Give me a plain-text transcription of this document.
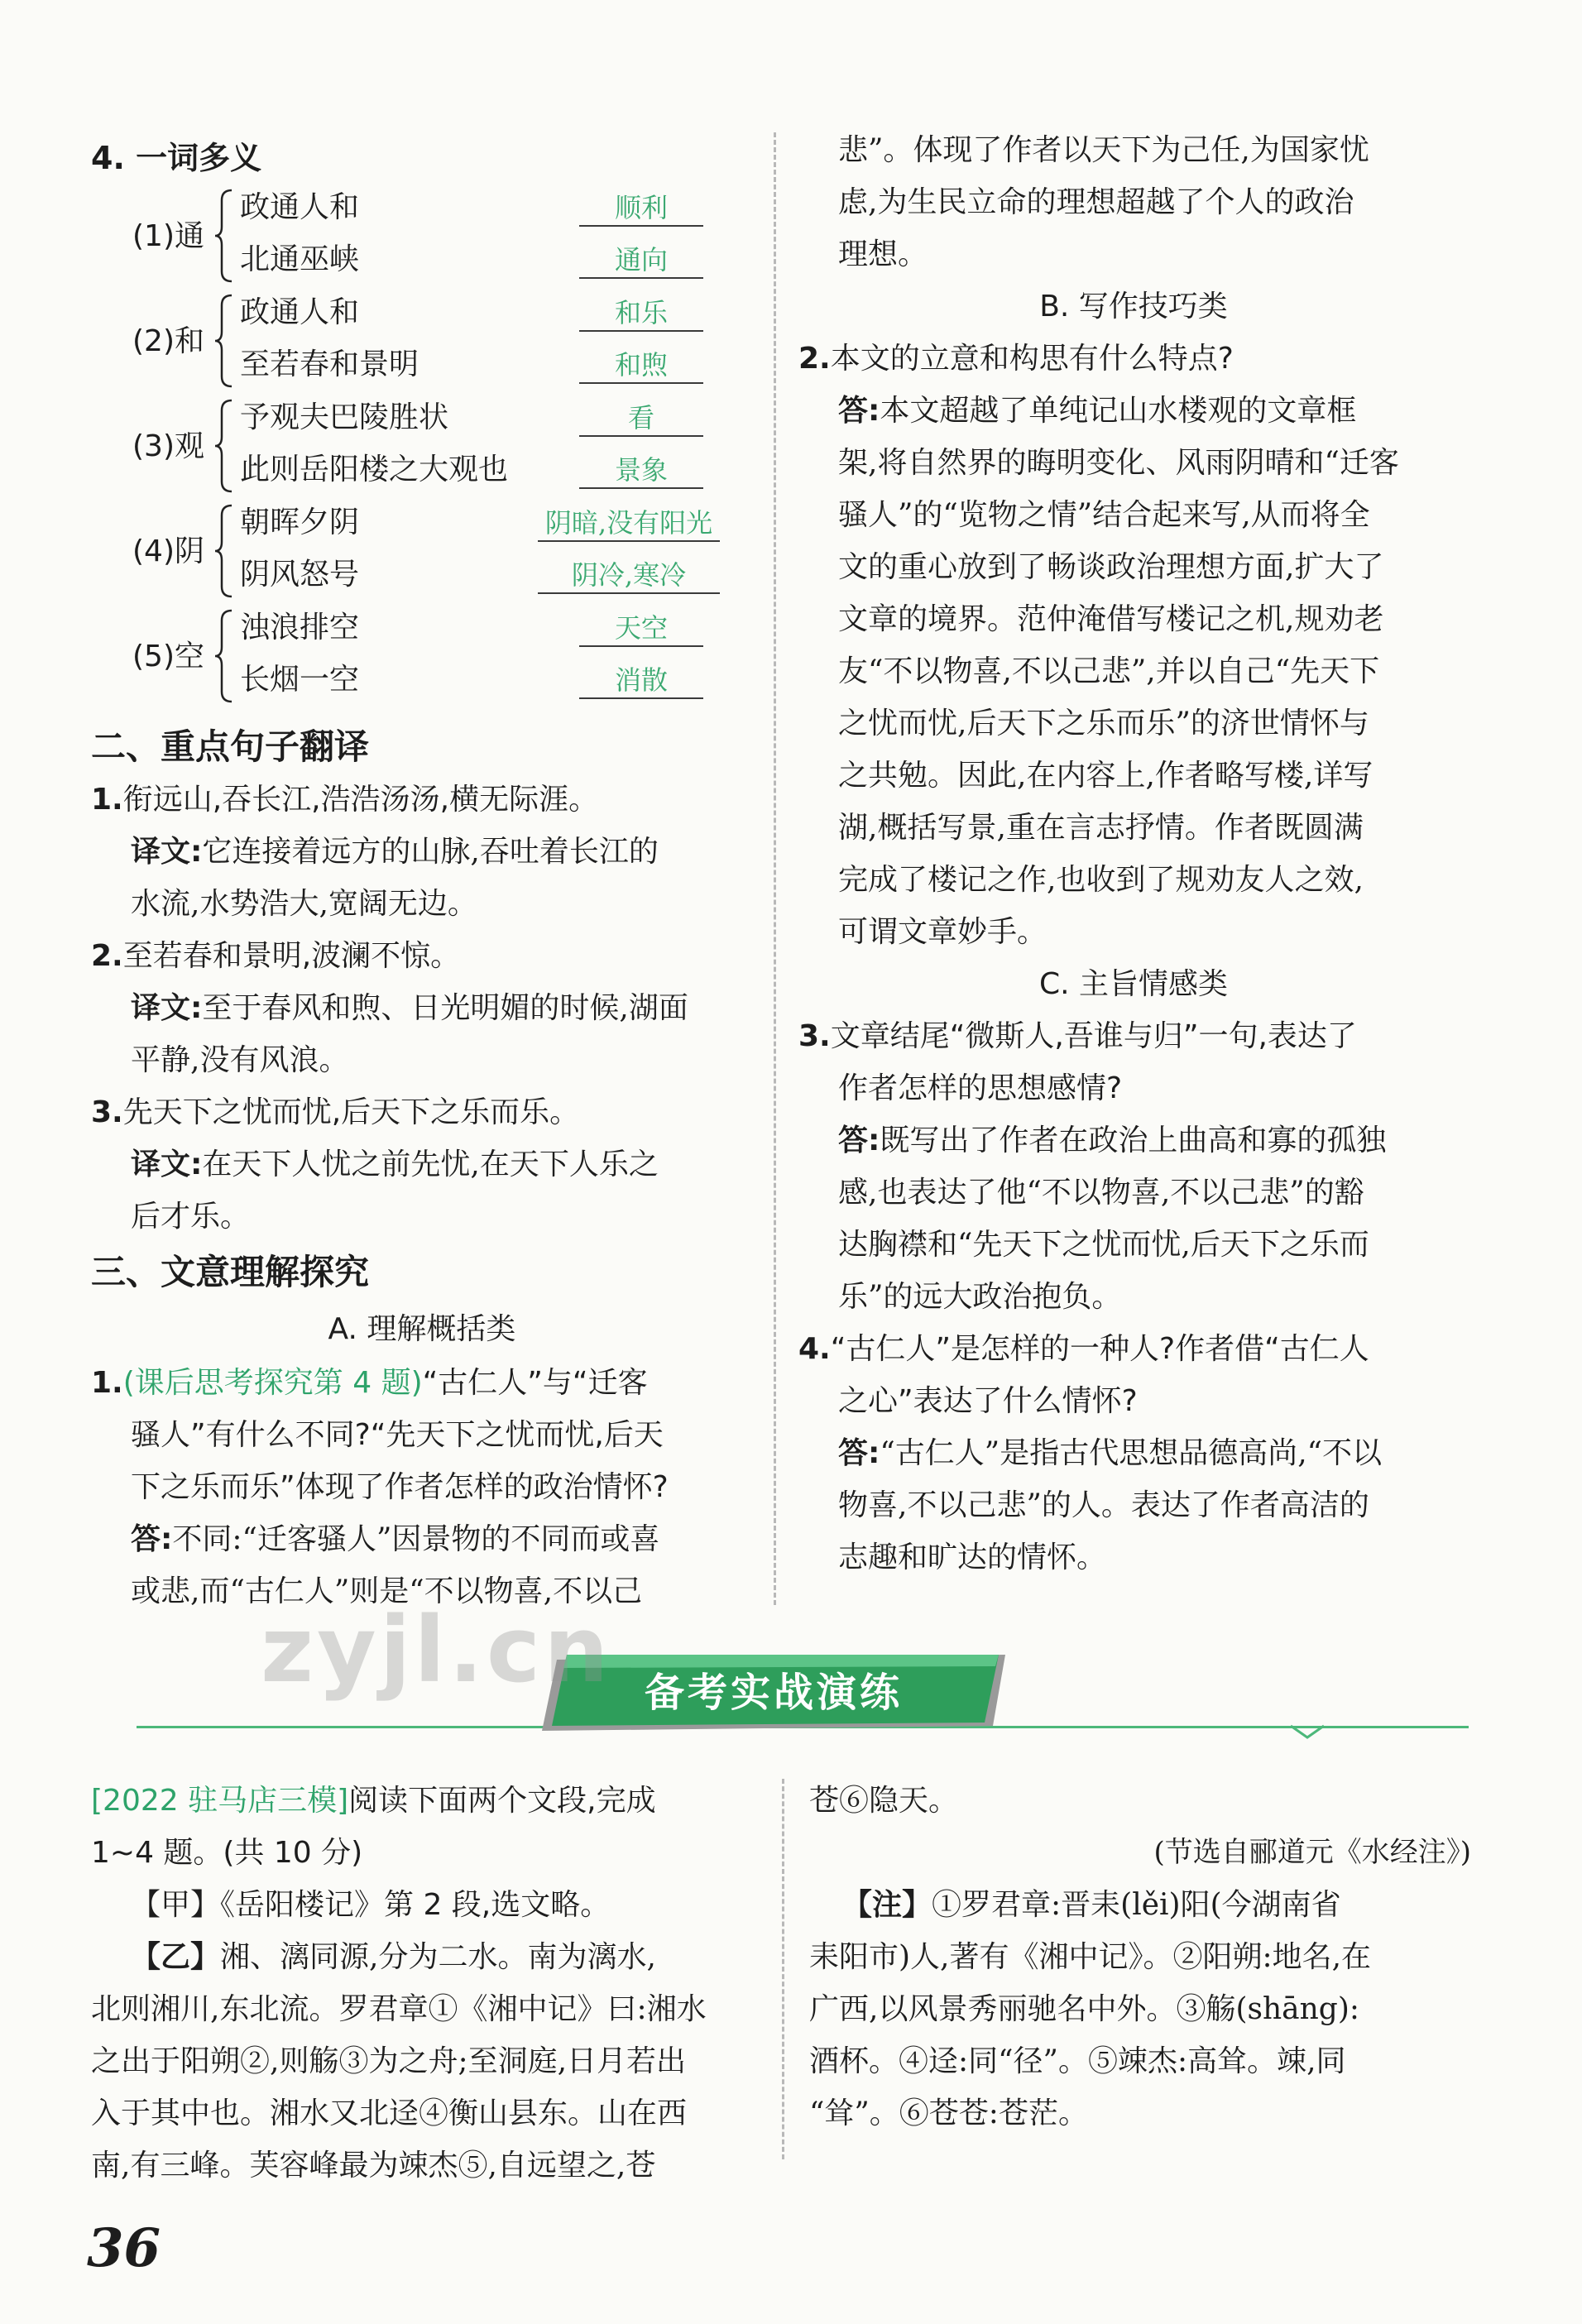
4. 一词多义
(1)通
政通人和	顺利
北通巫峡	通向
(2)和
政通人和	和乐
至若春和景明	和煦
(3)观
予观夫巴陵胜状	看
此则岳阳楼之大观也	景象
(4)阴
朝晖夕阴	阴暗,没有阳光
阴风怒号	阴冷,寒冷
(5)空
浊浪排空	天空
长烟一空	消散
二、重点句子翻译
1.衔远山,吞长江,浩浩汤汤,横无际涯。
译文:它连接着远方的山脉,吞吐着长江的
水流,水势浩大,宽阔无边。
2.至若春和景明,波澜不惊。
译文:至于春风和煦、日光明媚的时候,湖面
平静,没有风浪。
3.先天下之忧而忧,后天下之乐而乐。
译文:在天下人忧之前先忧,在天下人乐之
后才乐。
三、文意理解探究
A. 理解概括类
1.(课后思考探究第 4 题)“古仁人”与“迁客
骚人”有什么不同?“先天下之忧而忧,后天
下之乐而乐”体现了作者怎样的政治情怀?
答:不同:“迁客骚人”因景物的不同而或喜
或悲,而“古仁人”则是“不以物喜,不以己
悲”。体现了作者以天下为己任,为国家忧
虑,为生民立命的理想超越了个人的政治
理想。
B. 写作技巧类
2.本文的立意和构思有什么特点?
答:本文超越了单纯记山水楼观的文章框
架,将自然界的晦明变化、风雨阴晴和“迁客
骚人”的“览物之情”结合起来写,从而将全
文的重心放到了畅谈政治理想方面,扩大了
文章的境界。范仲淹借写楼记之机,规劝老
友“不以物喜,不以己悲”,并以自己“先天下
之忧而忧,后天下之乐而乐”的济世情怀与
之共勉。因此,在内容上,作者略写楼,详写
湖,概括写景,重在言志抒情。作者既圆满
完成了楼记之作,也收到了规劝友人之效,
可谓文章妙手。
C. 主旨情感类
3.文章结尾“微斯人,吾谁与归”一句,表达了
作者怎样的思想感情?
答:既写出了作者在政治上曲高和寡的孤独
感,也表达了他“不以物喜,不以己悲”的豁
达胸襟和“先天下之忧而忧,后天下之乐而
乐”的远大政治抱负。
4.“古仁人”是怎样的一种人?作者借“古仁人
之心”表达了什么情怀?
答:“古仁人”是指古代思想品德高尚,“不以
物喜,不以己悲”的人。表达了作者高洁的
志趣和旷达的情怀。
备考实战演练
[2022 驻马店三模]阅读下面两个文段,完成
1~4 题。(共 10 分)
【甲】《岳阳楼记》第 2 段,选文略。
【乙】湘、漓同源,分为二水。南为漓水,
北则湘川,东北流。罗君章①《湘中记》曰:湘水
之出于阳朔②,则觞③为之舟;至洞庭,日月若出
入于其中也。湘水又北迳④衡山县东。山在西
南,有三峰。芙容峰最为竦杰⑤,自远望之,苍
苍⑥隐天。
(节选自郦道元《水经注》)
【注】①罗君章:晋耒(lěi)阳(今湖南省
耒阳市)人,著有《湘中记》。②阳朔:地名,在
广西,以风景秀丽驰名中外。③觞(shāng):
酒杯。④迳:同“径”。⑤竦杰:高耸。竦,同
“耸”。⑥苍苍:苍茫。
zyjl.cn
36
